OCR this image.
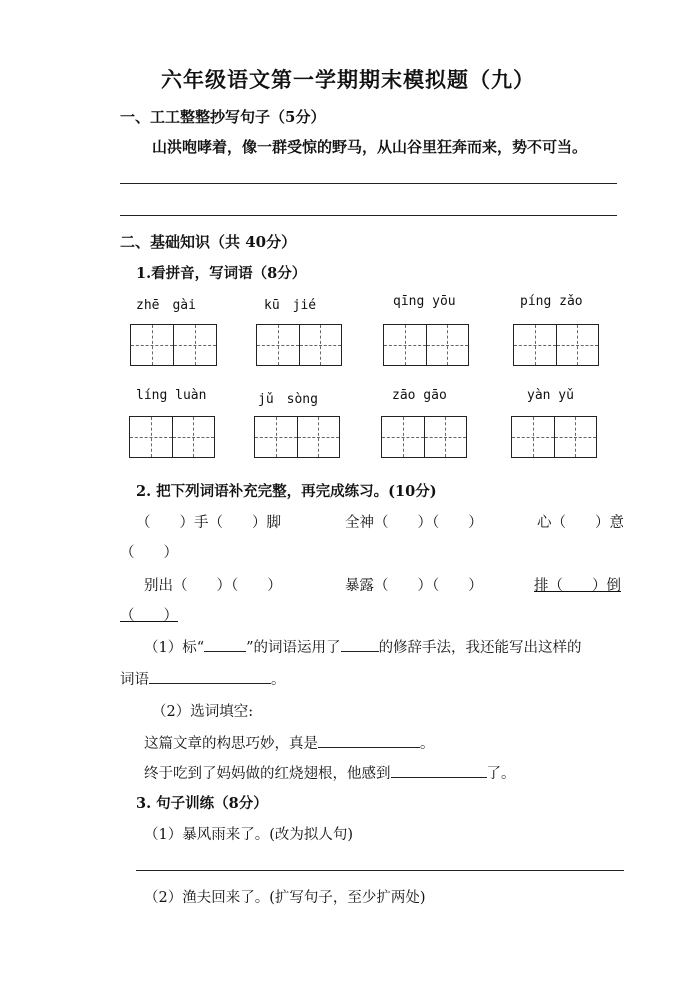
六年级语文第一学期期末模拟题（九）
一、工工整整抄写句子（5分）
山洪咆哮着，像一群受惊的野马，从山谷里狂奔而来，势不可当。
二、基础知识（共 40分）
1.看拼音，写词语（8分）
zhē　gài	kū　jié	qīng yōu	píng zǎo
líng luàn	jǔ　sòng	zāo gāo	yàn yǔ
2. 把下列词语补充完整，再完成练习。(10分)
（　　）手（　　）脚	全神（　　）（　　）	心（　　）意
（　　）
别出（　　）（　　）	暴露（　　）（　　）	排（　　）倒
（　　）
（1）标“	”的词语运用了	的修辞手法，我还能写出这样的
词语	。
（2）选词填空:
这篇文章的构思巧妙，真是	。
终于吃到了妈妈做的红烧翅根，他感到	了。
3. 句子训练（8分）
（1）暴风雨来了。(改为拟人句)
（2）渔夫回来了。(扩写句子，至少扩两处)
